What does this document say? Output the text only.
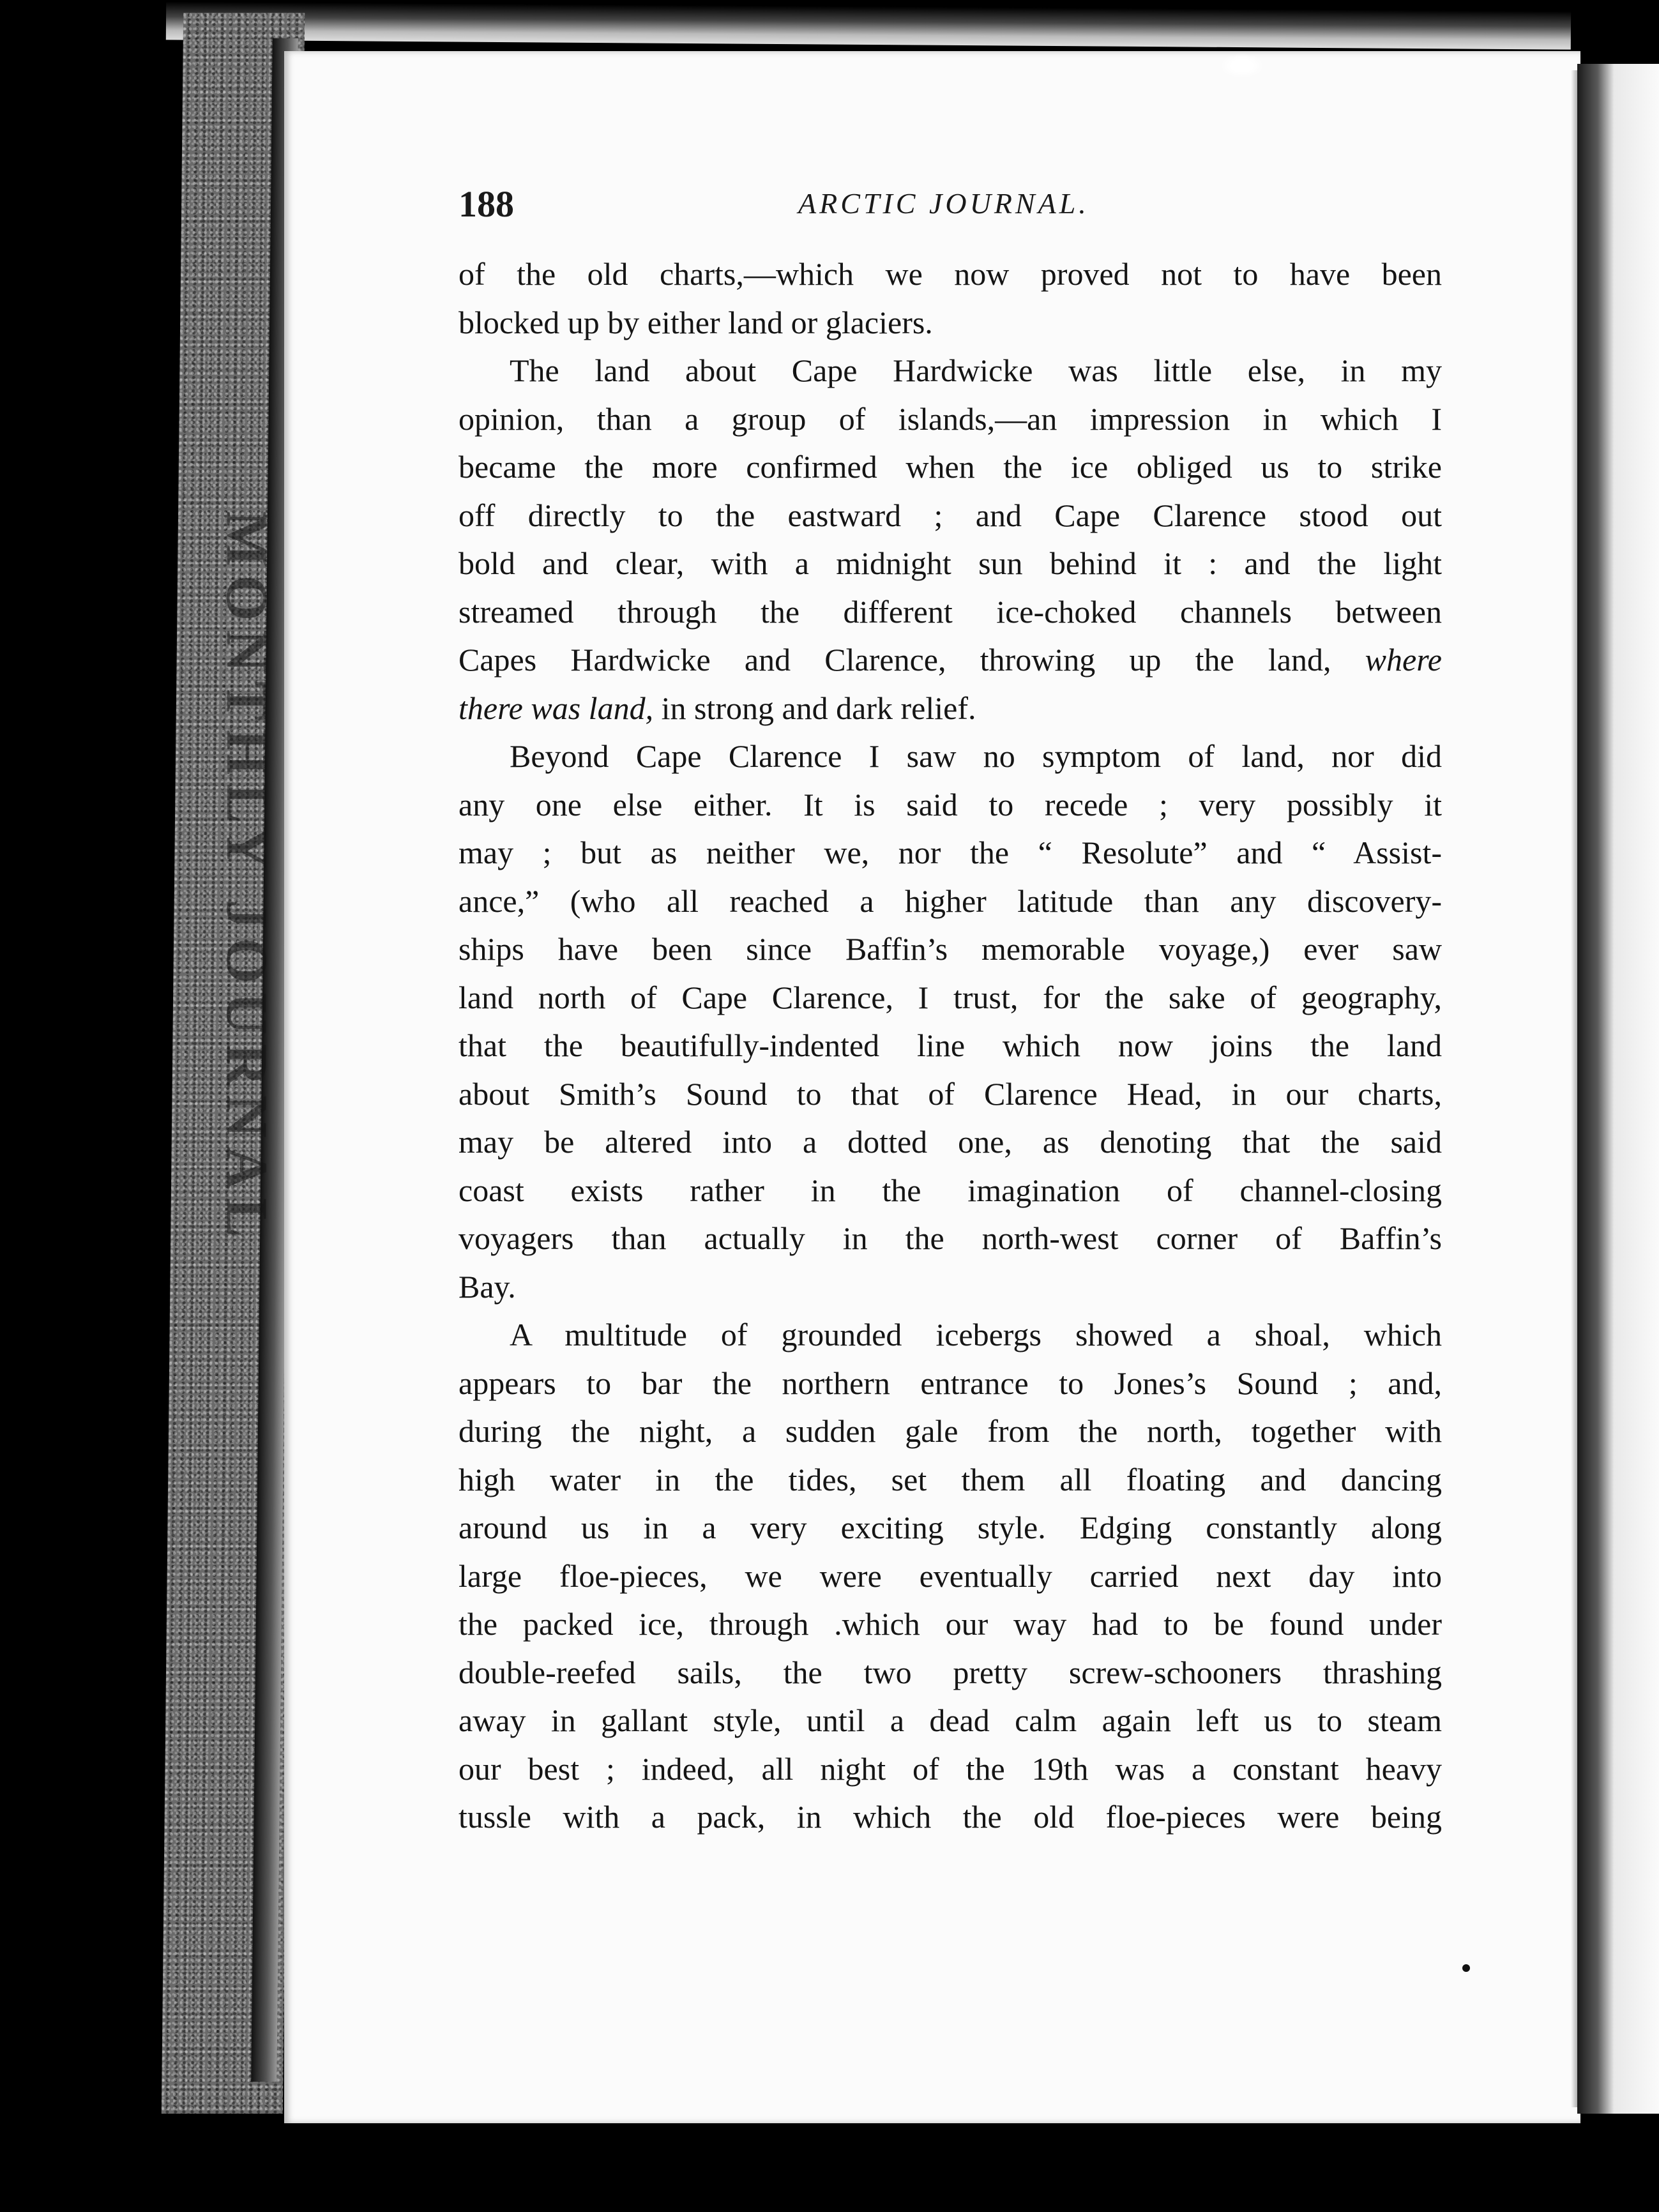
MONTHLY JOURNAL
188	ARCTIC JOURNAL.
of the old charts,—which we now proved not to have been
blocked up by either land or glaciers.
The land about Cape Hardwicke was little else, in my
opinion, than a group of islands,—an impression in which I
became the more confirmed when the ice obliged us to strike
off directly to the eastward ; and Cape Clarence stood out
bold and clear, with a midnight sun behind it : and the light
streamed through the different ice-choked channels between
Capes Hardwicke and Clarence, throwing up the land, where
there was land, in strong and dark relief.
Beyond Cape Clarence I saw no symptom of land, nor did
any one else either. It is said to recede ; very possibly it
may ; but as neither we, nor the “ Resolute” and “ Assist-
ance,” (who all reached a higher latitude than any discovery-
ships have been since Baffin’s memorable voyage,) ever saw
land north of Cape Clarence, I trust, for the sake of geography,
that the beautifully-indented line which now joins the land
about Smith’s Sound to that of Clarence Head, in our charts,
may be altered into a dotted one, as denoting that the said
coast exists rather in the imagination of channel-closing
voyagers than actually in the north-west corner of Baffin’s
Bay.
A multitude of grounded icebergs showed a shoal, which
appears to bar the northern entrance to Jones’s Sound ; and,
during the night, a sudden gale from the north, together with
high water in the tides, set them all floating and dancing
around us in a very exciting style. Edging constantly along
large floe-pieces, we were eventually carried next day into
the packed ice, through .which our way had to be found under
double-reefed sails, the two pretty screw-schooners thrashing
away in gallant style, until a dead calm again left us to steam
our best ; indeed, all night of the 19th was a constant heavy
tussle with a pack, in which the old floe-pieces were being
